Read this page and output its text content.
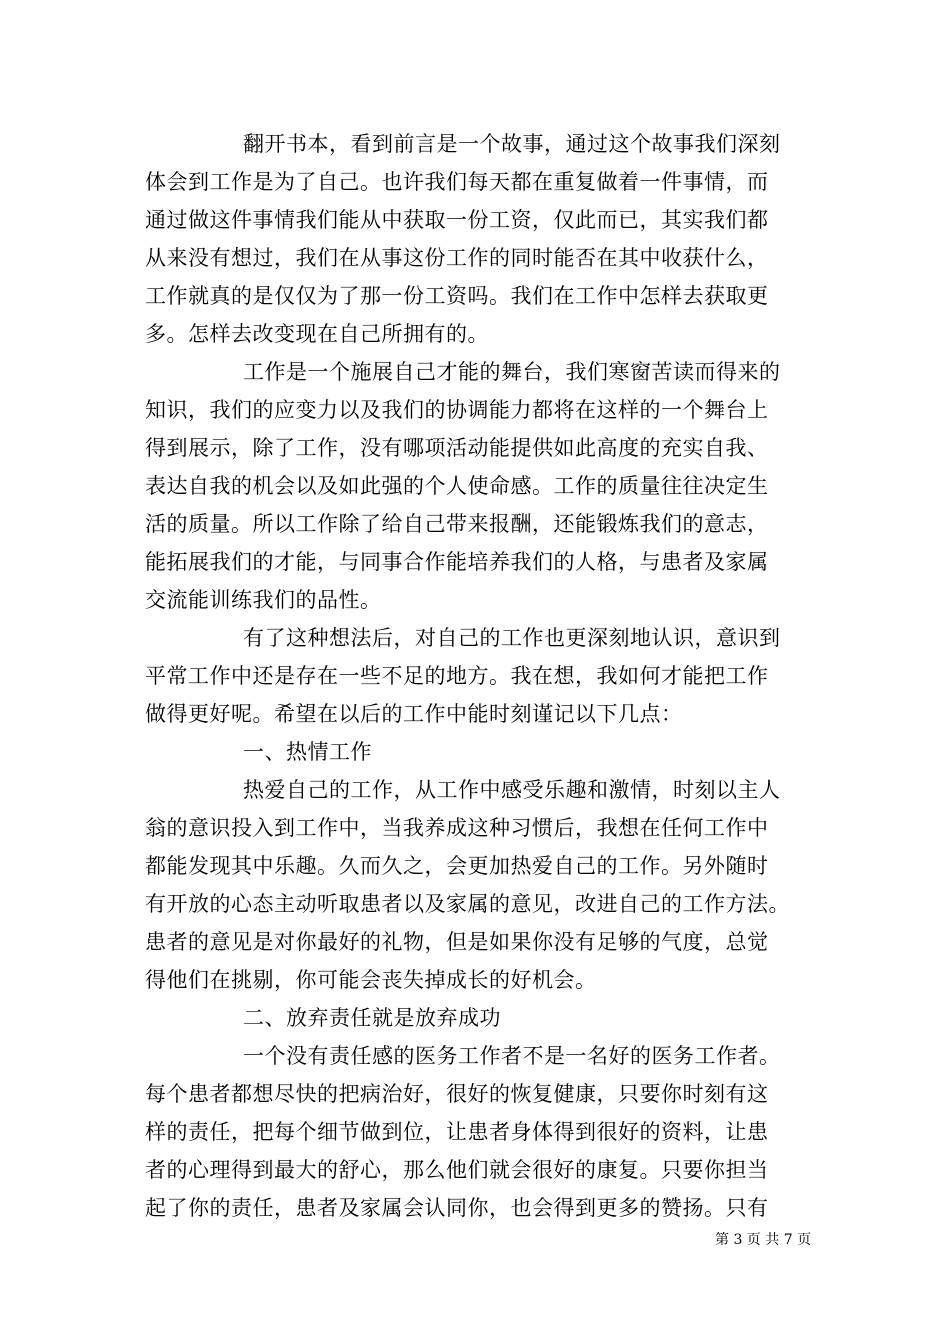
翻开书本，看到前言是一个故事，通过这个故事我们深刻
体会到工作是为了自己。也许我们每天都在重复做着一件事情，而
通过做这件事情我们能从中获取一份工资，仅此而已，其实我们都
从来没有想过，我们在从事这份工作的同时能否在其中收获什么，
工作就真的是仅仅为了那一份工资吗。我们在工作中怎样去获取更
多。怎样去改变现在自己所拥有的。
工作是一个施展自己才能的舞台，我们寒窗苦读而得来的
知识，我们的应变力以及我们的协调能力都将在这样的一个舞台上
得到展示，除了工作，没有哪项活动能提供如此高度的充实自我、
表达自我的机会以及如此强的个人使命感。工作的质量往往决定生
活的质量。所以工作除了给自己带来报酬，还能锻炼我们的意志，
能拓展我们的才能，与同事合作能培养我们的人格，与患者及家属
交流能训练我们的品性。
有了这种想法后，对自己的工作也更深刻地认识，意识到
平常工作中还是存在一些不足的地方。我在想，我如何才能把工作
做得更好呢。希望在以后的工作中能时刻谨记以下几点：
一、热情工作
热爱自己的工作，从工作中感受乐趣和激情，时刻以主人
翁的意识投入到工作中，当我养成这种习惯后，我想在任何工作中
都能发现其中乐趣。久而久之，会更加热爱自己的工作。另外随时
有开放的心态主动听取患者以及家属的意见，改进自己的工作方法。
患者的意见是对你最好的礼物，但是如果你没有足够的气度，总觉
得他们在挑剔，你可能会丧失掉成长的好机会。
二、放弃责任就是放弃成功
一个没有责任感的医务工作者不是一名好的医务工作者。
每个患者都想尽快的把病治好，很好的恢复健康，只要你时刻有这
样的责任，把每个细节做到位，让患者身体得到很好的资料，让患
者的心理得到最大的舒心，那么他们就会很好的康复。只要你担当
起了你的责任，患者及家属会认同你，也会得到更多的赞扬。只有
第 3 页 共 7 页
